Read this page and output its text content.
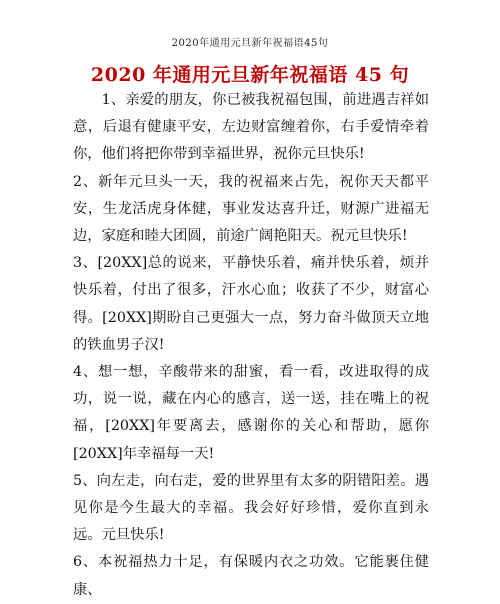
2020年通用元旦新年祝福语45句
2020 年通用元旦新年祝福语 45 句

1、亲爱的朋友，你已被我祝福包围，前进遇吉祥如意，后退有健康平安，左边财富缠着你，右手爱情牵着你，他们将把你带到幸福世界，祝你元旦快乐!

2、新年元旦头一天，我的祝福来占先，祝你天天都平安，生龙活虎身体健，事业发达喜升迁，财源广进福无边，家庭和睦大团圆，前途广阔艳阳天。祝元旦快乐!

3、[20XX]总的说来，平静快乐着，痛并快乐着，烦并快乐着，付出了很多，汗水心血；收获了不少，财富心得。[20XX]期盼自己更强大一点，努力奋斗做顶天立地的铁血男子汉!

4、想一想，辛酸带来的甜蜜，看一看，改进取得的成功，说一说，藏在内心的感言，送一送，挂在嘴上的祝福，[20XX]年要离去，感谢你的关心和帮助，愿你[20XX]年幸福每一天!

5、向左走，向右走，爱的世界里有太多的阴错阳差。遇见你是今生最大的幸福。我会好好珍惜，爱你直到永远。元旦快乐!

6、本祝福热力十足，有保暖内衣之功效。它能裹住健康、
